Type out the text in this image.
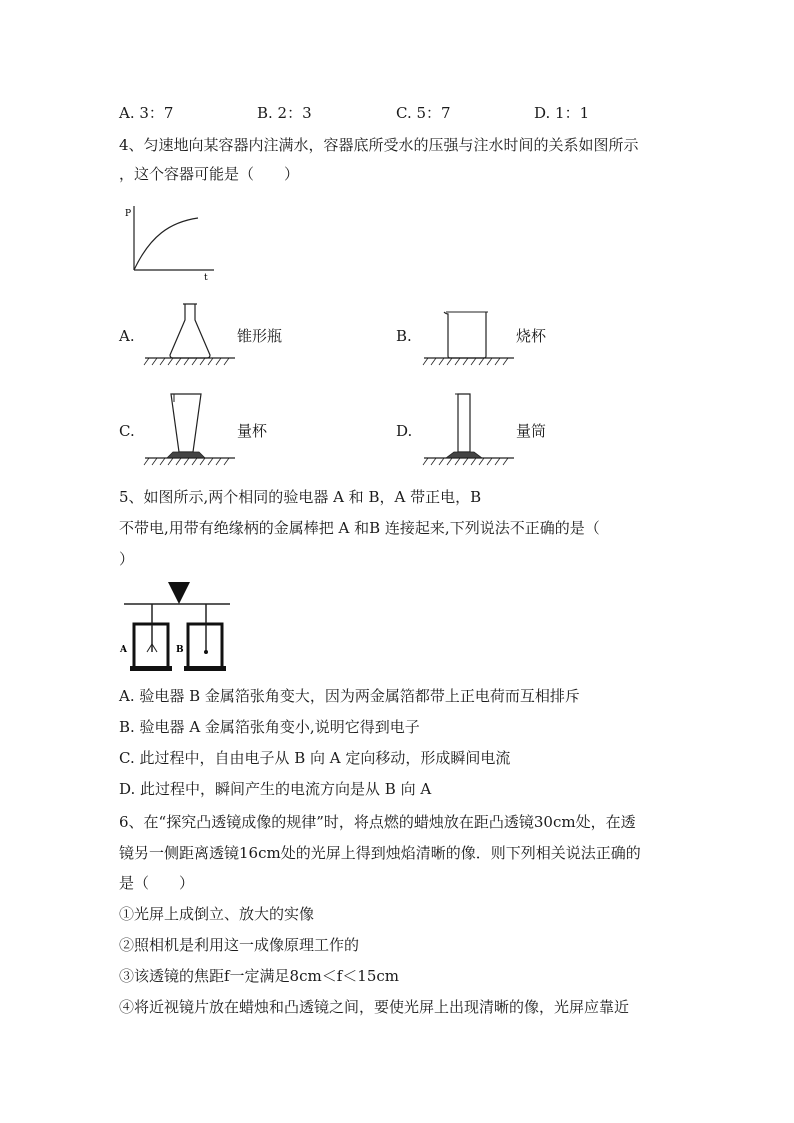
A. 3：7	B. 2：3	C. 5：7	D. 1：1
4、匀速地向某容器内注满水，容器底所受水的压强与注水时间的关系如图所示
，这个容器可能是（　　）
P
t
A.	锥形瓶	B.	烧杯
C.	量杯	D.	量筒
5、如图所示,两个相同的验电器 A 和 B，A 带正电，B
不带电,用带有绝缘柄的金属棒把 A 和B 连接起来,下列说法不正确的是（
）
A	B
A. 验电器 B 金属箔张角变大，因为两金属箔都带上正电荷而互相排斥
B. 验电器 A 金属箔张角变小,说明它得到电子
C. 此过程中，自由电子从 B 向 A 定向移动，形成瞬间电流
D. 此过程中，瞬间产生的电流方向是从 B 向 A
6、在“探究凸透镜成像的规律”时，将点燃的蜡烛放在距凸透镜30cm处，在透
镜另一侧距离透镜16cm处的光屏上得到烛焰清晰的像．则下列相关说法正确的
是（　　）
①光屏上成倒立、放大的实像
②照相机是利用这一成像原理工作的
③该透镜的焦距f一定满足8cm＜f＜15cm
④将近视镜片放在蜡烛和凸透镜之间，要使光屏上出现清晰的像，光屏应靠近
